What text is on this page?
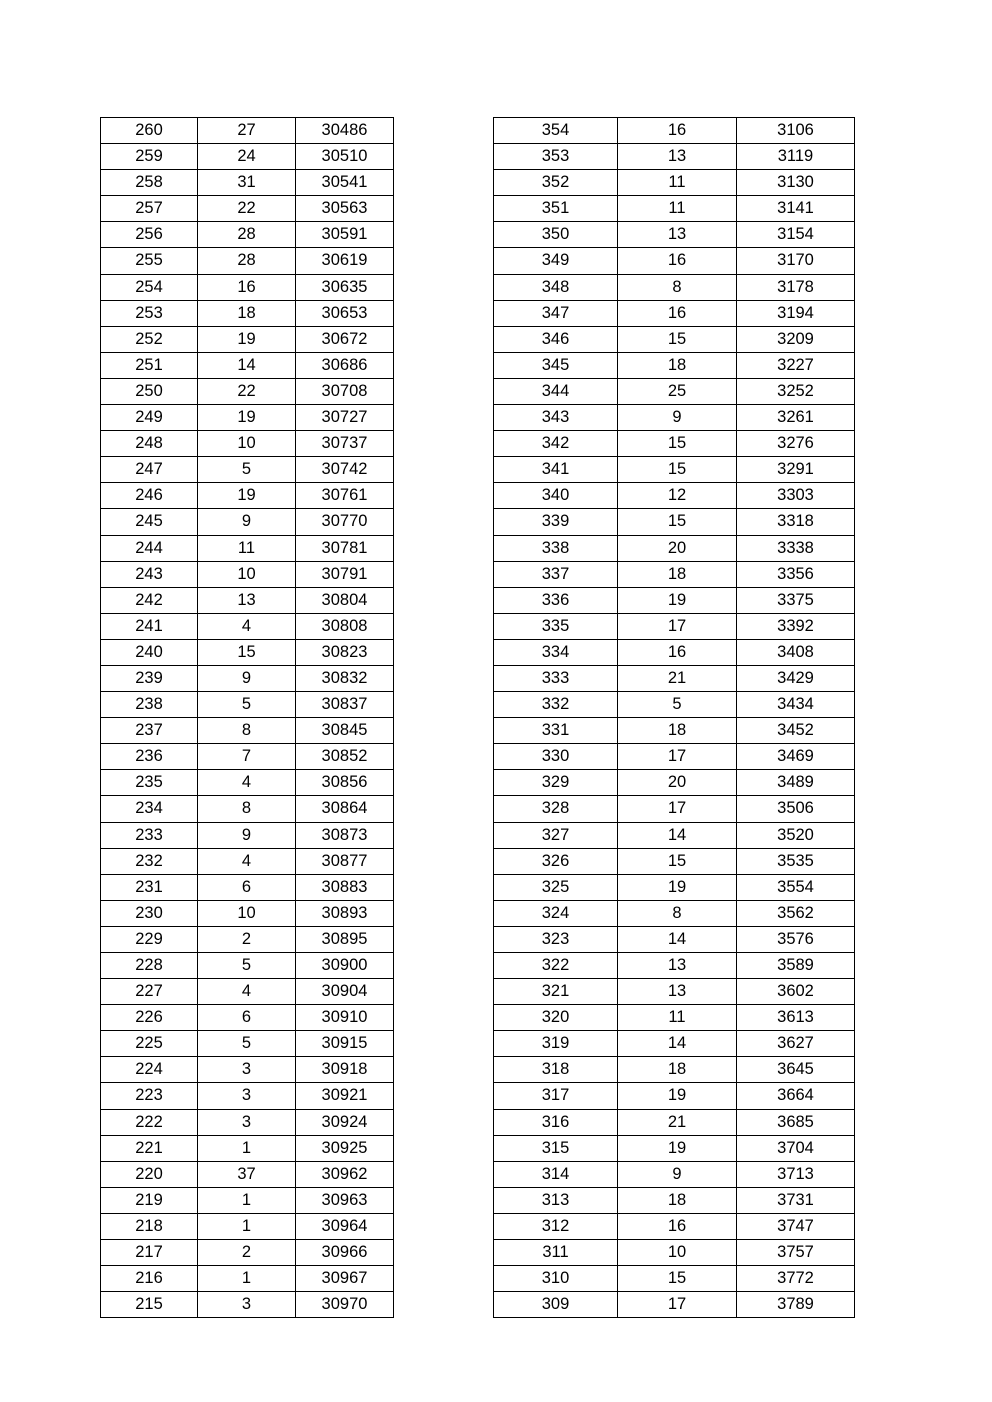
260	27	30486
259	24	30510
258	31	30541
257	22	30563
256	28	30591
255	28	30619
254	16	30635
253	18	30653
252	19	30672
251	14	30686
250	22	30708
249	19	30727
248	10	30737
247	5	30742
246	19	30761
245	9	30770
244	11	30781
243	10	30791
242	13	30804
241	4	30808
240	15	30823
239	9	30832
238	5	30837
237	8	30845
236	7	30852
235	4	30856
234	8	30864
233	9	30873
232	4	30877
231	6	30883
230	10	30893
229	2	30895
228	5	30900
227	4	30904
226	6	30910
225	5	30915
224	3	30918
223	3	30921
222	3	30924
221	1	30925
220	37	30962
219	1	30963
218	1	30964
217	2	30966
216	1	30967
215	3	30970
354	16	3106
353	13	3119
352	11	3130
351	11	3141
350	13	3154
349	16	3170
348	8	3178
347	16	3194
346	15	3209
345	18	3227
344	25	3252
343	9	3261
342	15	3276
341	15	3291
340	12	3303
339	15	3318
338	20	3338
337	18	3356
336	19	3375
335	17	3392
334	16	3408
333	21	3429
332	5	3434
331	18	3452
330	17	3469
329	20	3489
328	17	3506
327	14	3520
326	15	3535
325	19	3554
324	8	3562
323	14	3576
322	13	3589
321	13	3602
320	11	3613
319	14	3627
318	18	3645
317	19	3664
316	21	3685
315	19	3704
314	9	3713
313	18	3731
312	16	3747
311	10	3757
310	15	3772
309	17	3789
